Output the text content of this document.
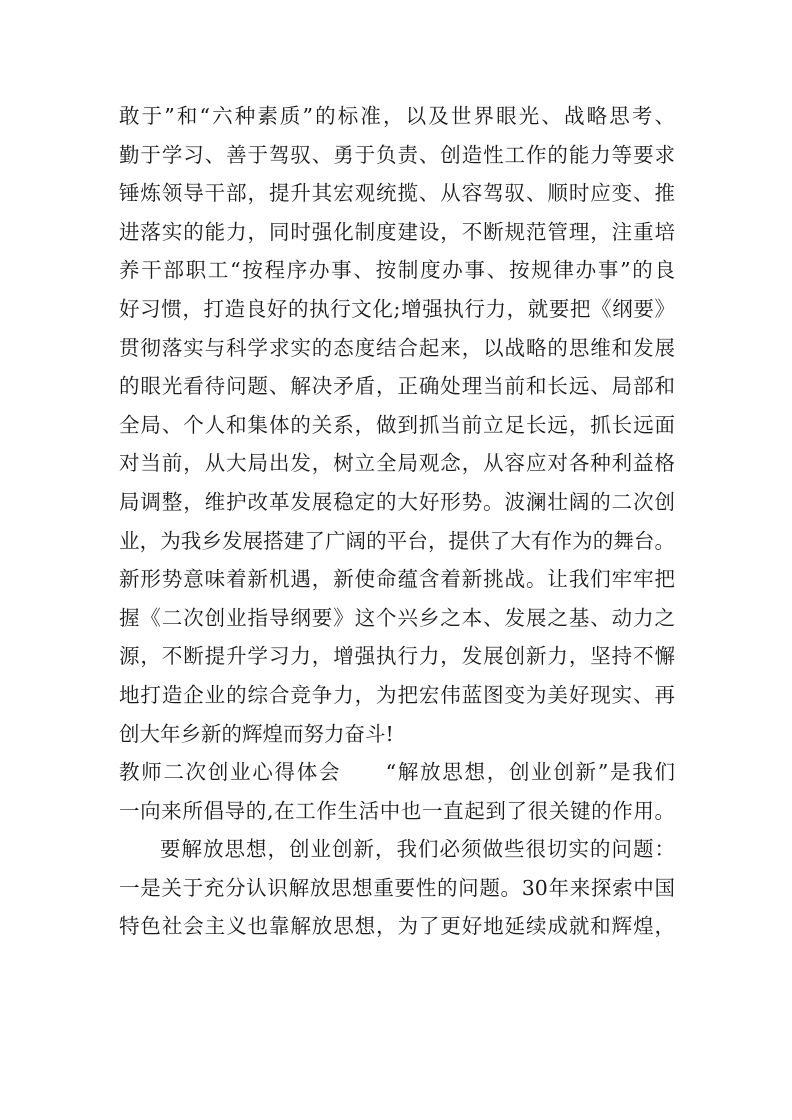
敢于”和“六种素质”的标准，以及世界眼光、战略思考、
勤于学习、善于驾驭、勇于负责、创造性工作的能力等要求
锤炼领导干部，提升其宏观统揽、从容驾驭、顺时应变、推
进落实的能力，同时强化制度建设，不断规范管理，注重培
养干部职工“按程序办事、按制度办事、按规律办事”的良
好习惯，打造良好的执行文化;增强执行力，就要把《纲要》
贯彻落实与科学求实的态度结合起来，以战略的思维和发展
的眼光看待问题、解决矛盾，正确处理当前和长远、局部和
全局、个人和集体的关系，做到抓当前立足长远，抓长远面
对当前，从大局出发，树立全局观念，从容应对各种利益格
局调整，维护改革发展稳定的大好形势。波澜壮阔的二次创
业，为我乡发展搭建了广阔的平台，提供了大有作为的舞台。
新形势意味着新机遇，新使命蕴含着新挑战。让我们牢牢把
握《二次创业指导纲要》这个兴乡之本、发展之基、动力之
源，不断提升学习力，增强执行力，发展创新力，坚持不懈
地打造企业的综合竞争力，为把宏伟蓝图变为美好现实、再
创大年乡新的辉煌而努力奋斗!
教师二次创业心得体会　　“解放思想，创业创新”是我们
一向来所倡导的,在工作生活中也一直起到了很关键的作用。
要解放思想，创业创新，我们必须做些很切实的问题：
一是关于充分认识解放思想重要性的问题。30年来探索中国
特色社会主义也靠解放思想，为了更好地延续成就和辉煌，
